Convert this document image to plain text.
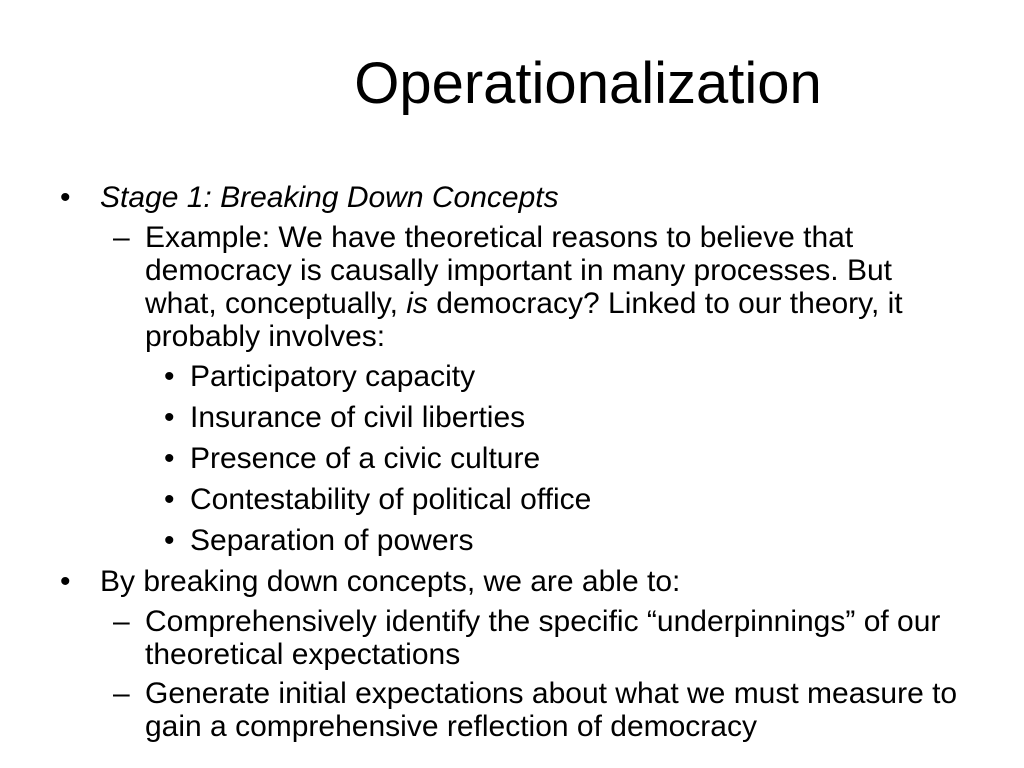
Operationalization
• Stage 1: Breaking Down Concepts
– Example: We have theoretical reasons to believe that democracy is causally important in many processes. But what, conceptually, is democracy? Linked to our theory, it probably involves:
• Participatory capacity
• Insurance of civil liberties
• Presence of a civic culture
• Contestability of political office
• Separation of powers
• By breaking down concepts, we are able to:
– Comprehensively identify the specific “underpinnings” of our theoretical expectations
– Generate initial expectations about what we must measure to gain a comprehensive reflection of democracy
